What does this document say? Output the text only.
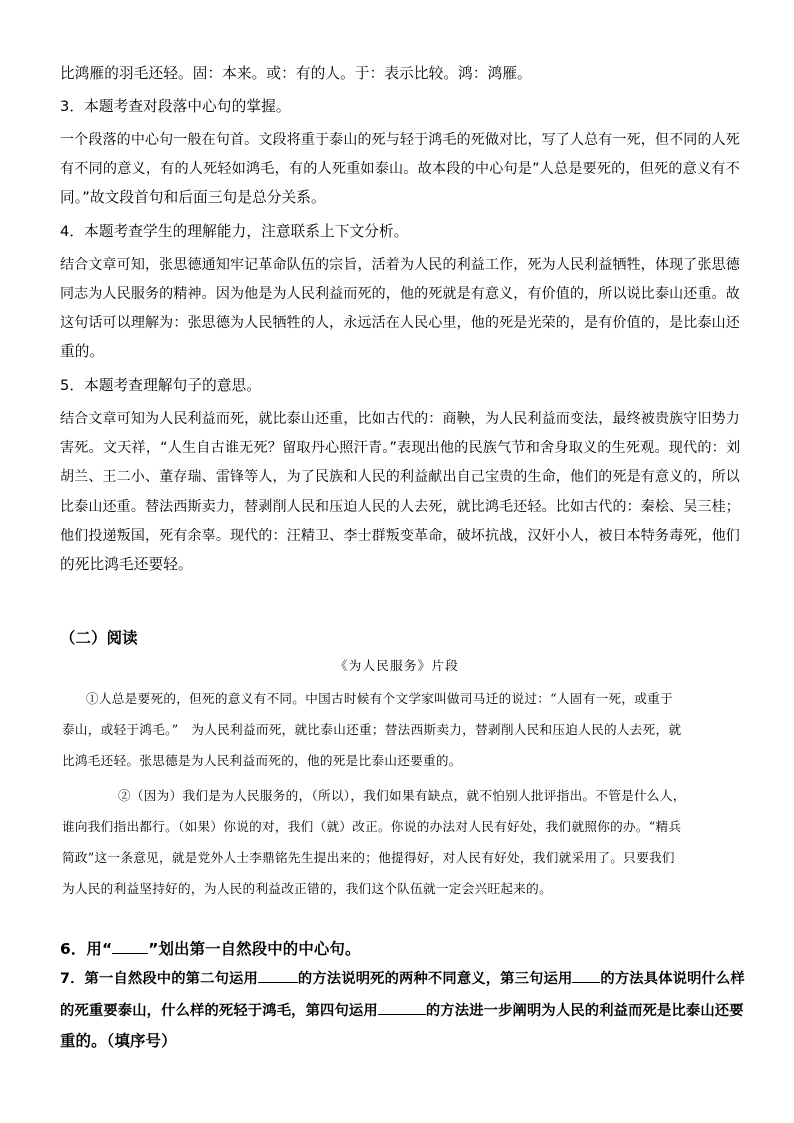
比鸿雁的羽毛还轻。固：本来。或：有的人。于：表示比较。鸿：鸿雁。
3．本题考查对段落中心句的掌握。
一个段落的中心句一般在句首。文段将重于泰山的死与轻于鸿毛的死做对比，写了人总有一死，但不同的人死
有不同的意义，有的人死轻如鸿毛，有的人死重如泰山。故本段的中心句是”人总是要死的，但死的意义有不
同。”故文段首句和后面三句是总分关系。
4．本题考查学生的理解能力，注意联系上下文分析。
结合文章可知，张思德通知牢记革命队伍的宗旨，活着为人民的利益工作，死为人民利益牺牲，体现了张思德
同志为人民服务的精神。因为他是为人民利益而死的，他的死就是有意义，有价值的，所以说比泰山还重。故
这句话可以理解为：张思德为人民牺牲的人，永远活在人民心里，他的死是光荣的，是有价值的，是比泰山还
重的。
5．本题考查理解句子的意思。
结合文章可知为人民利益而死，就比泰山还重，比如古代的：商鞅，为人民利益而变法，最终被贵族守旧势力
害死。文天祥，“人生自古谁无死？留取丹心照汗青。”表现出他的民族气节和舍身取义的生死观。现代的：刘
胡兰、王二小、董存瑞、雷锋等人，为了民族和人民的利益献出自己宝贵的生命，他们的死是有意义的，所以
比泰山还重。替法西斯卖力，替剥削人民和压迫人民的人去死，就比鸿毛还轻。比如古代的：秦桧、吴三桂；
他们投递叛国，死有余辜。现代的：汪精卫、李士群叛变革命，破坏抗战，汉奸小人，被日本特务毒死，他们
的死比鸿毛还要轻。
（二）阅读
《为人民服务》片段
①人总是要死的，但死的意义有不同。中国古时候有个文学家叫做司马迁的说过：“人固有一死，或重于
泰山，或轻于鸿毛。”　为人民利益而死，就比泰山还重；替法西斯卖力，替剥削人民和压迫人民的人去死，就
比鸿毛还轻。张思德是为人民利益而死的，他的死是比泰山还要重的。
②（因为）我们是为人民服务的，（所以），我们如果有缺点，就不怕别人批评指出。不管是什么人，
谁向我们指出都行。（如果）你说的对，我们（就）改正。你说的办法对人民有好处，我们就照你的办。“精兵
简政”这一条意见，就是党外人士李鼎铭先生提出来的；他提得好，对人民有好处，我们就采用了。只要我们
为人民的利益坚持好的，为人民的利益改正错的，我们这个队伍就一定会兴旺起来的。
6．用“ ”划出第一自然段中的中心句。
7．第一自然段中的第二句运用	的方法说明死的两种不同意义，第三句运用 的方法具体说明什么样
的死重要泰山，什么样的死轻于鸿毛，第四句运用	的方法进一步阐明为人民的利益而死是比泰山还要
重的。（填序号）
